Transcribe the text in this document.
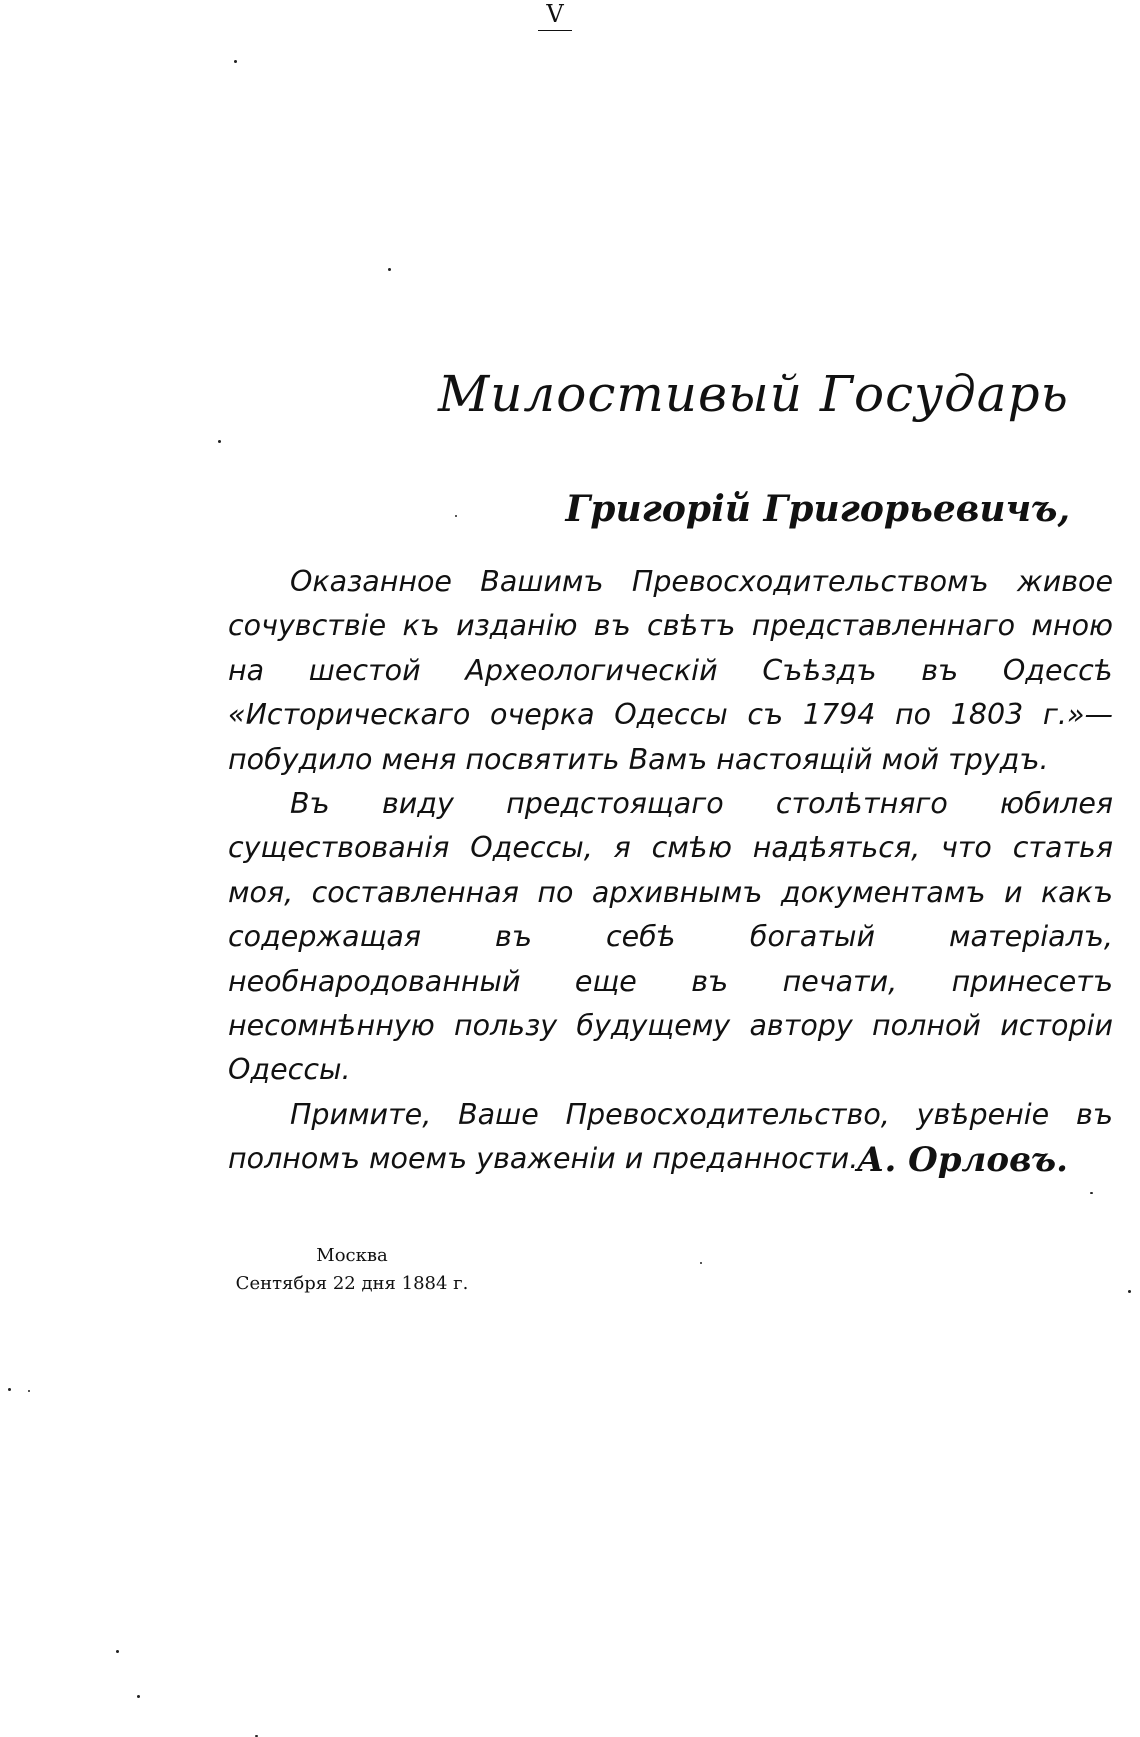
V
Милостивый Государь
Григорій Григорьевичъ,

Оказанное Вашимъ Превосходительствомъ живое сочувствіе къ изданію въ свѣтъ представленнаго мною на шестой Археологическій Съѣздъ въ Одессѣ «Историческаго очерка Одессы съ 1794 по 1803 г.»—побудило меня посвятить Вамъ настоящій мой трудъ.

Въ виду предстоящаго столѣтняго юбилея существованія Одессы, я смѣю надѣяться, что статья моя, составленная по архивнымъ документамъ и какъ содержащая въ себѣ богатый матеріалъ, необнародованный еще въ печати, принесетъ несомнѣнную пользу будущему автору полной исторіи Одессы.

Примите, Ваше Превосходительство, увѣреніе въ полномъ моемъ уваженіи и преданности.

А. Орловъ.
Москва
Сентября 22 дня 1884 г.
